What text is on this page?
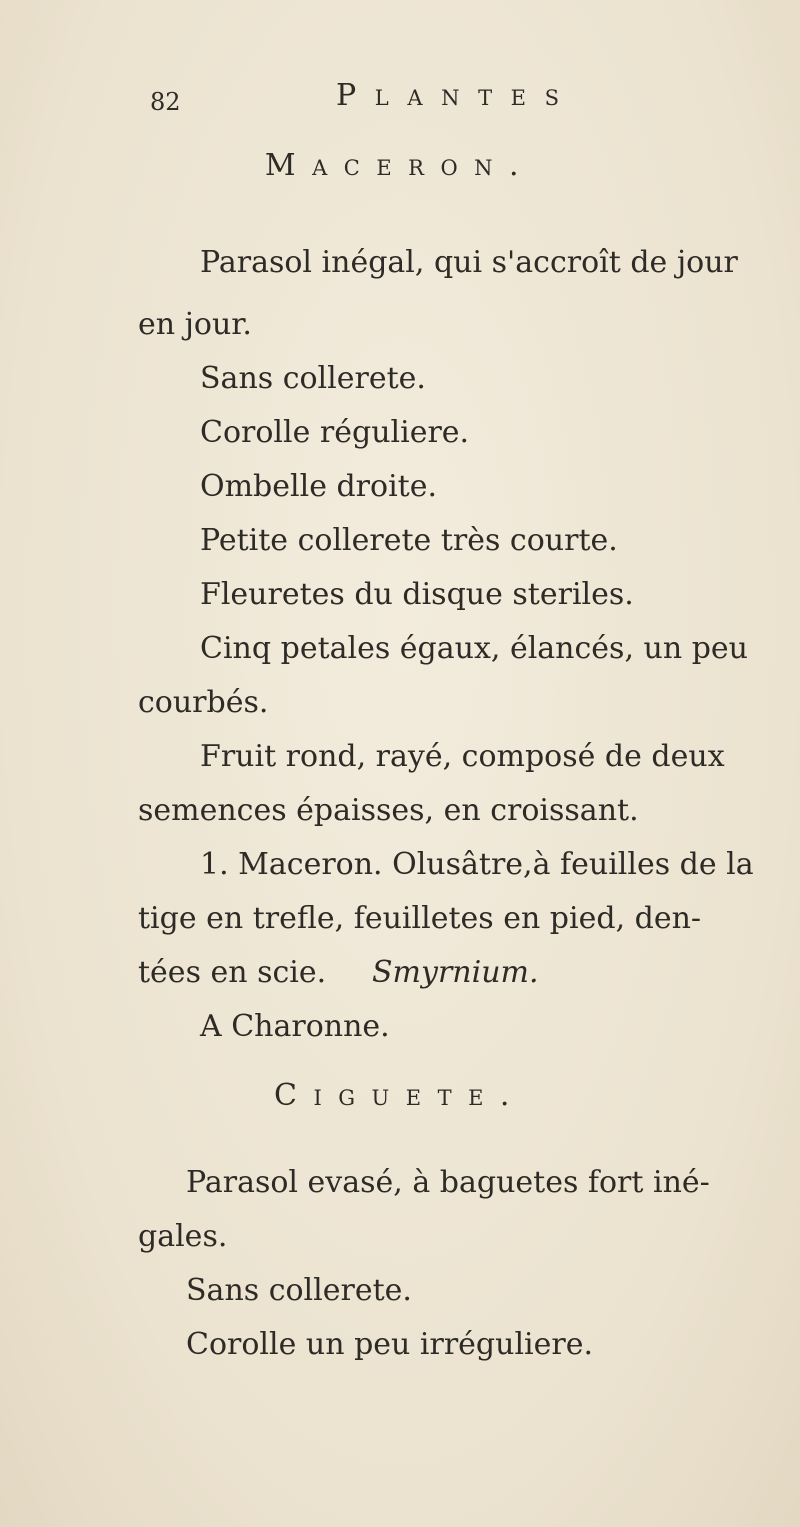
82	Plantes
Maceron.
Parasol inégal, qui s'accroît de jour
en jour.
Sans collerete.
Corolle réguliere.
Ombelle droite.
Petite collerete très courte.
Fleuretes du disque steriles.
Cinq petales égaux, élancés, un peu
courbés.
Fruit rond, rayé, composé de deux
semences épaisses, en croissant.
1. Maceron. Olusâtre,à feuilles de la
tige en trefle, feuilletes en pied, den-
tées en scie. Smyrnium.
A Charonne.
Ciguete.
Parasol evasé, à baguetes fort iné-
gales.
Sans collerete.
Corolle un peu irréguliere.
